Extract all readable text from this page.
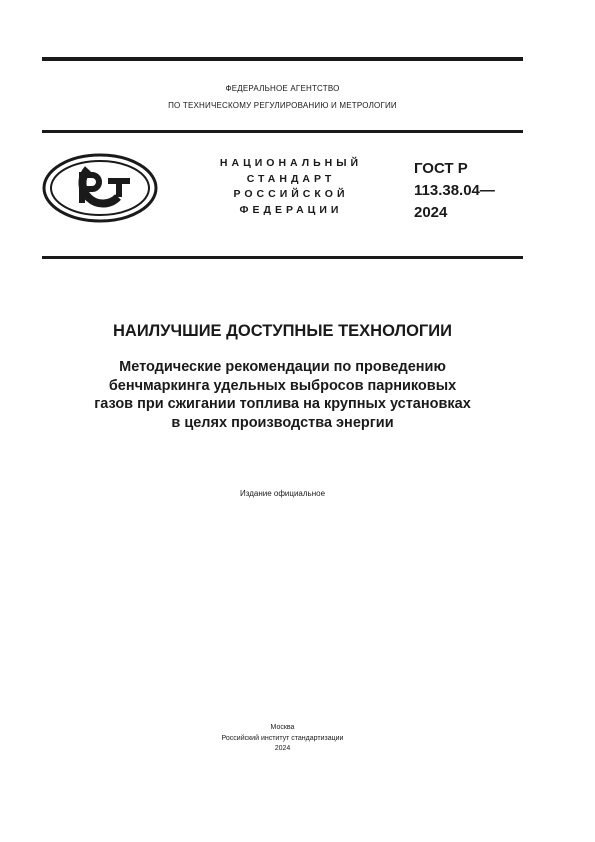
ФЕДЕРАЛЬНОЕ АГЕНТСТВО
ПО ТЕХНИЧЕСКОМУ РЕГУЛИРОВАНИЮ И МЕТРОЛОГИИ
НАЦИОНАЛЬНЫЙ
СТАНДАРТ
РОССИЙСКОЙ
ФЕДЕРАЦИИ
ГОСТ Р
113.38.04—
2024
НАИЛУЧШИЕ ДОСТУПНЫЕ ТЕХНОЛОГИИ
Методические рекомендации по проведению
бенчмаркинга удельных выбросов парниковых
газов при сжигании топлива на крупных установках
в целях производства энергии
Издание официальное
Москва
Российский институт стандартизации
2024
